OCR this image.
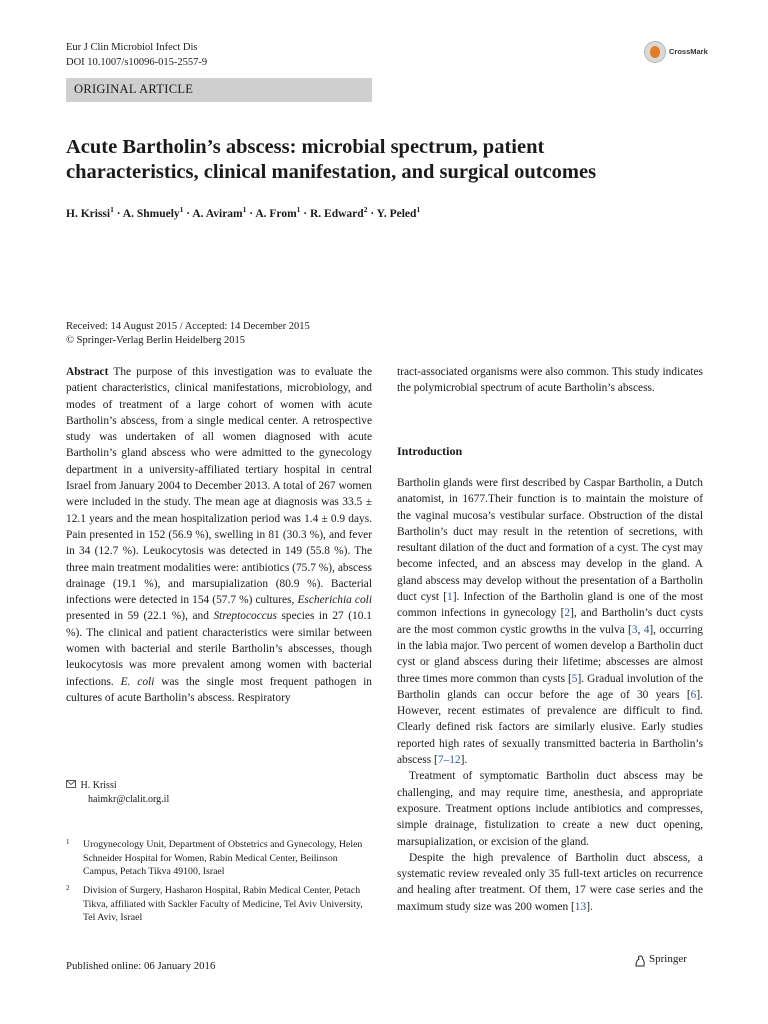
Eur J Clin Microbiol Infect Dis
DOI 10.1007/s10096-015-2557-9
CrossMark
ORIGINAL ARTICLE
Acute Bartholin’s abscess: microbial spectrum, patient
characteristics, clinical manifestation, and surgical outcomes
H. Krissi$^1$ · A. Shmuely$^1$ · A. Aviram$^1$ · A. From$^1$ · R. Edward$^2$ · Y. Peled$^1$
Received: 14 August 2015 / Accepted: 14 December 2015
© Springer-Verlag Berlin Heidelberg 2015

Abstract The purpose of this investigation was to evaluate the patient characteristics, clinical manifestations, microbiology, and modes of treatment of a large cohort of women with acute Bartholin’s abscess, from a single medical center. A retrospective study was undertaken of all women diagnosed with acute Bartholin’s gland abscess who were admitted to the gynecology department in a university-affiliated tertiary hospital in central Israel from January 2004 to December 2013. A total of 267 women were included in the study. The mean age at diagnosis was 33.5 ± 12.1 years and the mean hospitalization period was 1.4 ± 0.9 days. Pain presented in 152 (56.9 %), swelling in 81 (30.3 %), and fever in 34 (12.7 %). Leukocytosis was detected in 149 (55.8 %). The three main treatment modalities were: antibiotics (75.7 %), abscess drainage (19.1 %), and marsupialization (80.9 %). Bacterial infections were detected in 154 (57.7 %) cultures, Escherichia coli presented in 59 (22.1 %), and Streptococcus species in 27 (10.1 %). The clinical and patient characteristics were similar between women with bacterial and sterile Bartholin’s abscesses, though leukocytosis was more prevalent among women with bacterial infections. E. coli was the single most frequent pathogen in cultures of acute Bartholin’s abscess. Respiratory

H. Krissi
haimkr@clalit.org.il
1 Urogynecology Unit, Department of Obstetrics and Gynecology, Helen Schneider Hospital for Women, Rabin Medical Center, Beilinson Campus, Petach Tikva 49100, Israel
2 Division of Surgery, Hasharon Hospital, Rabin Medical Center, Petach Tikva, affiliated with Sackler Faculty of Medicine, Tel Aviv University, Tel Aviv, Israel

tract-associated organisms were also common. This study indicates the polymicrobial spectrum of acute Bartholin’s abscess.

Introduction

Bartholin glands were first described by Caspar Bartholin, a Dutch anatomist, in 1677.Their function is to maintain the moisture of the vaginal mucosa’s vestibular surface. Obstruction of the distal Bartholin’s duct may result in the retention of secretions, with resultant dilation of the duct and formation of a cyst. The cyst may become infected, and an abscess may develop in the gland. A gland abscess may develop without the presentation of a Bartholin duct cyst [1]. Infection of the Bartholin gland is one of the most common infections in gynecology [2], and Bartholin’s duct cysts are the most common cystic growths in the vulva [3, 4], occurring in the labia major. Two percent of women develop a Bartholin duct cyst or gland abscess during their lifetime; abscesses are almost three times more common than cysts [5]. Gradual involution of the Bartholin glands can occur before the age of 30 years [6]. However, recent estimates of prevalence are difficult to find. Clearly defined risk factors are similarly elusive. Early studies reported high rates of sexually transmitted bacteria in Bartholin’s abscess [7–12].

Treatment of symptomatic Bartholin duct abscess may be challenging, and may require time, anesthesia, and appropriate exposure. Treatment options include antibiotics and compresses, simple drainage, fistulization to create a new duct opening, marsupialization, or excision of the gland.

Despite the high prevalence of Bartholin duct abscess, a systematic review revealed only 35 full-text articles on recurrence and healing after treatment. Of them, 17 were case series and the maximum study size was 200 women [13].

Published online: 06 January 2016
Springer
